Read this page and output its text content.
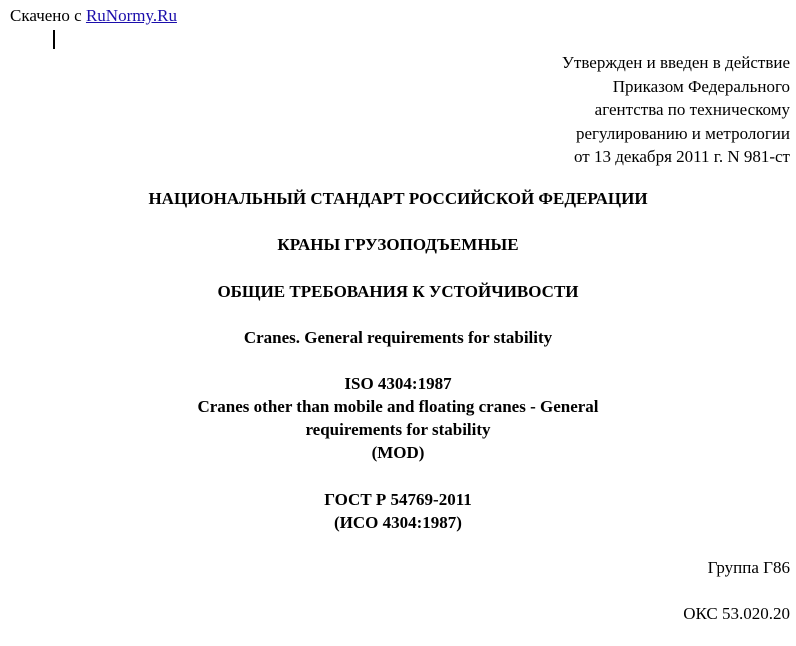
Скачено с RuNormy.Ru
Утвержден и введен в действие
Приказом Федерального
агентства по техническому
регулированию и метрологии
от 13 декабря 2011 г. N 981-ст
НАЦИОНАЛЬНЫЙ СТАНДАРТ РОССИЙСКОЙ ФЕДЕРАЦИИ
КРАНЫ ГРУЗОПОДЪЕМНЫЕ
ОБЩИЕ ТРЕБОВАНИЯ К УСТОЙЧИВОСТИ
Cranes. General requirements for stability
ISO 4304:1987
Cranes other than mobile and floating cranes - General
requirements for stability
(MOD)
ГОСТ Р 54769-2011
(ИСО 4304:1987)
Группа Г86
ОКС 53.020.20
